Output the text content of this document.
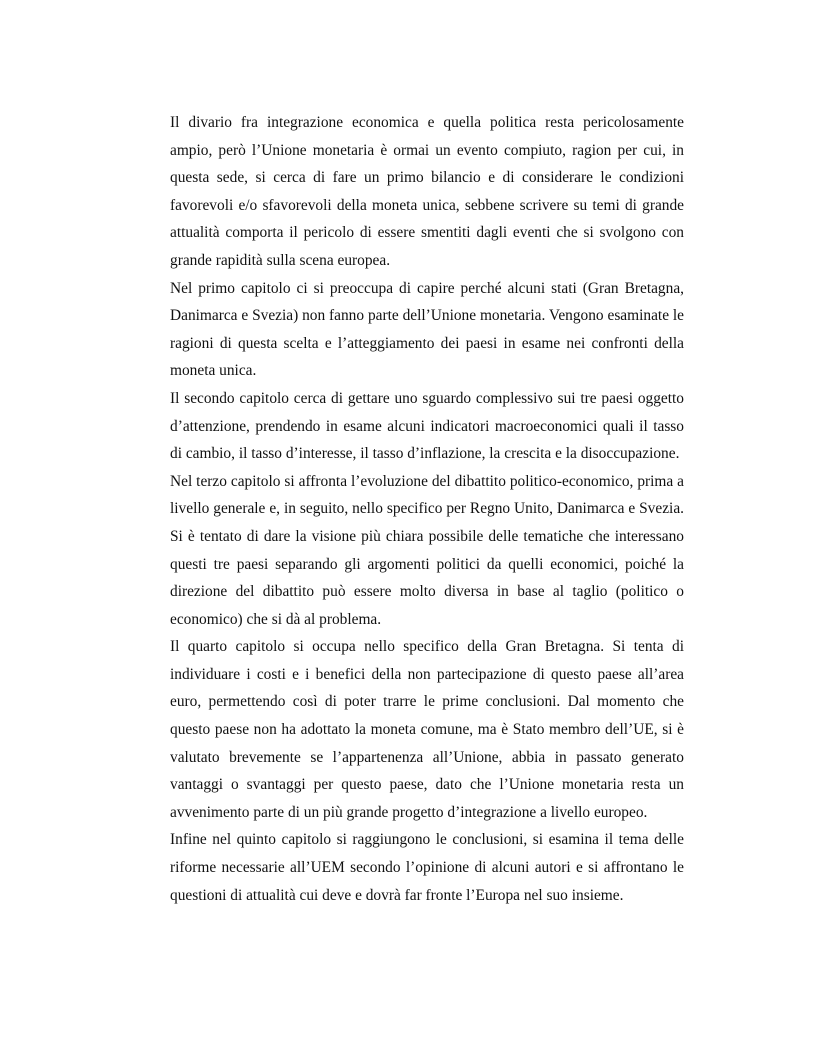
Il divario fra integrazione economica e quella politica resta pericolosamente ampio, però l’Unione monetaria è ormai un evento compiuto, ragion per cui, in questa sede, si cerca di fare un primo bilancio e di considerare le condizioni favorevoli e/o sfavorevoli della moneta unica, sebbene scrivere su temi di grande attualità comporta il pericolo di essere smentiti dagli eventi che si svolgono con grande rapidità sulla scena europea.

Nel primo capitolo ci si preoccupa di capire perché alcuni stati (Gran Bretagna, Danimarca e Svezia) non fanno parte dell’Unione monetaria. Vengono esaminate le ragioni di questa scelta e l’atteggiamento dei paesi in esame nei confronti della moneta unica.

Il secondo capitolo cerca di gettare uno sguardo complessivo sui tre paesi oggetto d’attenzione, prendendo in esame alcuni indicatori macroeconomici quali il tasso di cambio, il tasso d’interesse, il tasso d’inflazione, la crescita e la disoccupazione.

Nel terzo capitolo si affronta l’evoluzione del dibattito politico-economico, prima a livello generale e, in seguito, nello specifico per Regno Unito, Danimarca e Svezia. Si è tentato di dare la visione più chiara possibile delle tematiche che interessano questi tre paesi separando gli argomenti politici da quelli economici, poiché la direzione del dibattito può essere molto diversa in base al taglio (politico o economico) che si dà al problema.

Il quarto capitolo si occupa nello specifico della Gran Bretagna. Si tenta di individuare i costi e i benefici della non partecipazione di questo paese all’area euro, permettendo così di poter trarre le prime conclusioni. Dal momento che questo paese non ha adottato la moneta comune, ma è Stato membro dell’UE, si è valutato brevemente se l’appartenenza all’Unione, abbia in passato generato vantaggi o svantaggi per questo paese, dato che l’Unione monetaria resta un avvenimento parte di un più grande progetto d’integrazione a livello europeo.

Infine nel quinto capitolo si raggiungono le conclusioni, si esamina il tema delle riforme necessarie all’UEM secondo l’opinione di alcuni autori e si affrontano le questioni di attualità cui deve e dovrà far fronte l’Europa nel suo insieme.
